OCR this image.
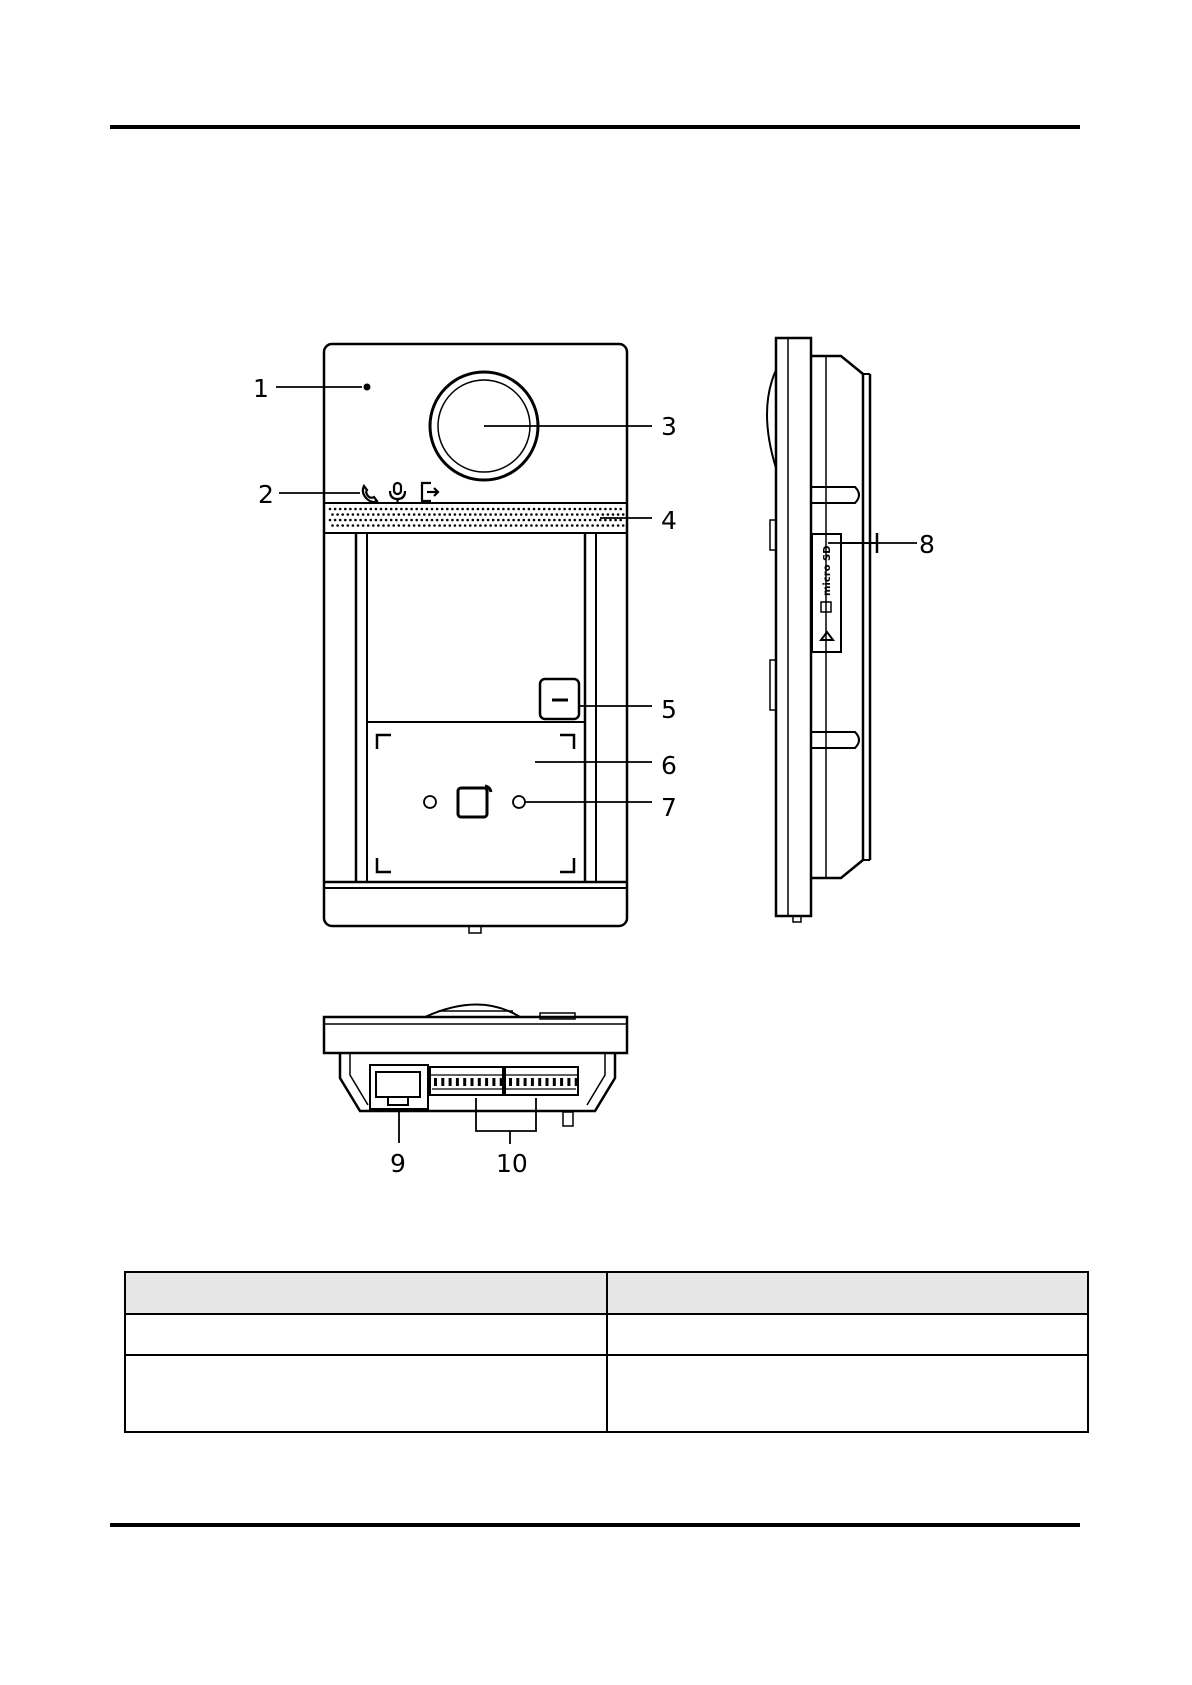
micro SD
1
2
3
4
5
6
7
8
9	10
